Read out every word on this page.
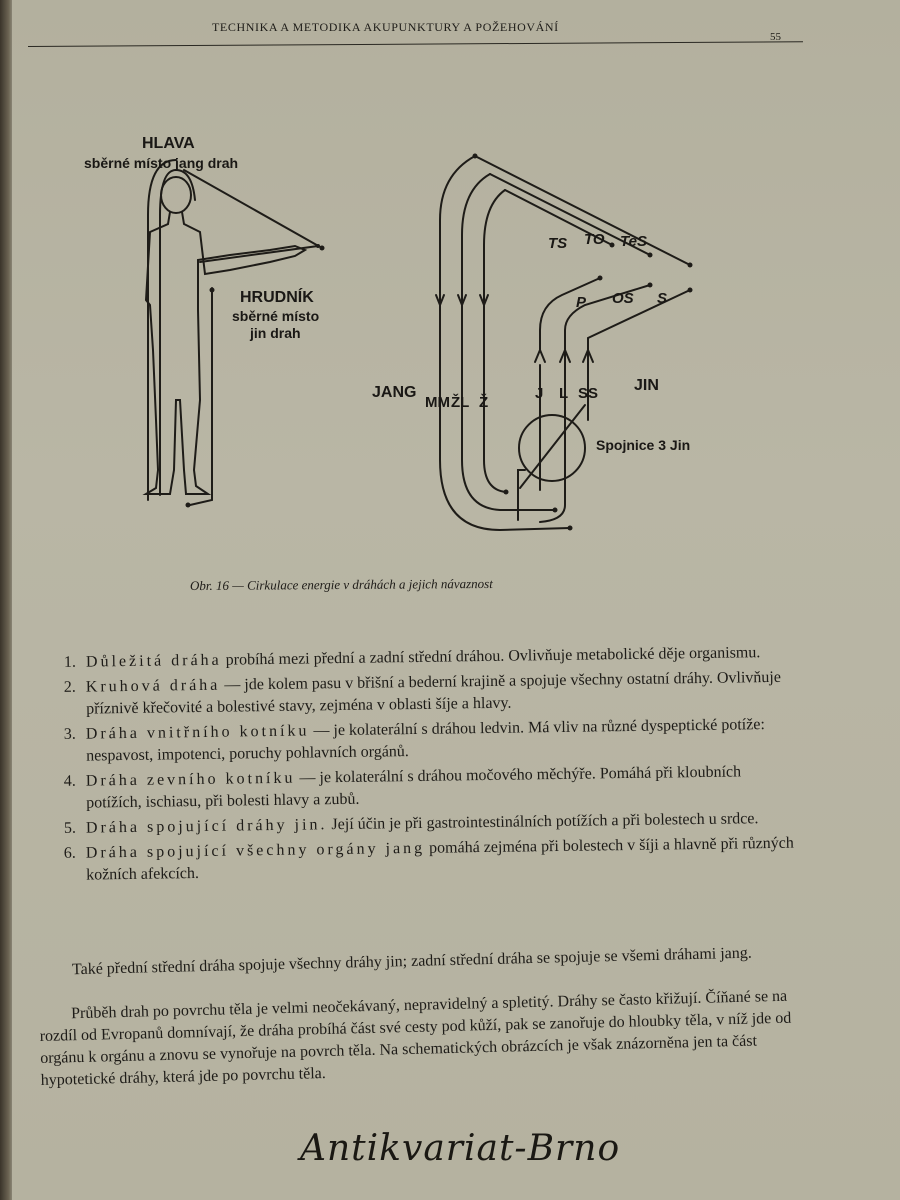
TECHNIKA A METODIKA AKUPUNKTURY A POŽEHOVÁNÍ
55
HLAVA
sběrné místo jang drah
HRUDNÍK
sběrné místo
jin drah
TS TO TeS
P OS S
JANG
MM ŽL Ž
J L SS JIN
Spojnice 3 Jin
Obr. 16 — Cirkulace energie v dráhách a jejich návaznost
1. Důležitá dráha probíhá mezi přední a zadní střední dráhou. Ovlivňuje metabolické děje organismu.
2. Kruhová dráha — jde kolem pasu v břišní a bederní krajině a spojuje všechny ostatní dráhy. Ovlivňuje příznivě křečovité a bolestivé stavy, zejména v oblasti šíje a hlavy.
3. Dráha vnitřního kotníku — je kolaterální s dráhou ledvin. Má vliv na různé dyspeptické potíže: nespavost, impotenci, poruchy pohlavních orgánů.
4. Dráha zevního kotníku — je kolaterální s dráhou močového měchýře. Pomáhá při kloubních potížích, ischiasu, při bolesti hlavy a zubů.
5. Dráha spojující dráhy jin. Její účin je při gastrointestinálních potížích a při bolestech u srdce.
6. Dráha spojující všechny orgány jang pomáhá zejména při bolestech v šíji a hlavně při různých kožních afekcích.
Také přední střední dráha spojuje všechny dráhy jin; zadní střední dráha se spojuje se všemi dráhami jang.
Průběh drah po povrchu těla je velmi neočekávaný, nepravidelný a spletitý. Dráhy se často křižují. Číňané se na rozdíl od Evropanů domnívají, že dráha probíhá část své cesty pod kůží, pak se zanořuje do hloubky těla, v níž jde od orgánu k orgánu a znovu se vynořuje na povrch těla. Na schematických obrázcích je však znázorněna jen ta část hypotetické dráhy, která jde po povrchu těla.
Antikvariat-Brno
